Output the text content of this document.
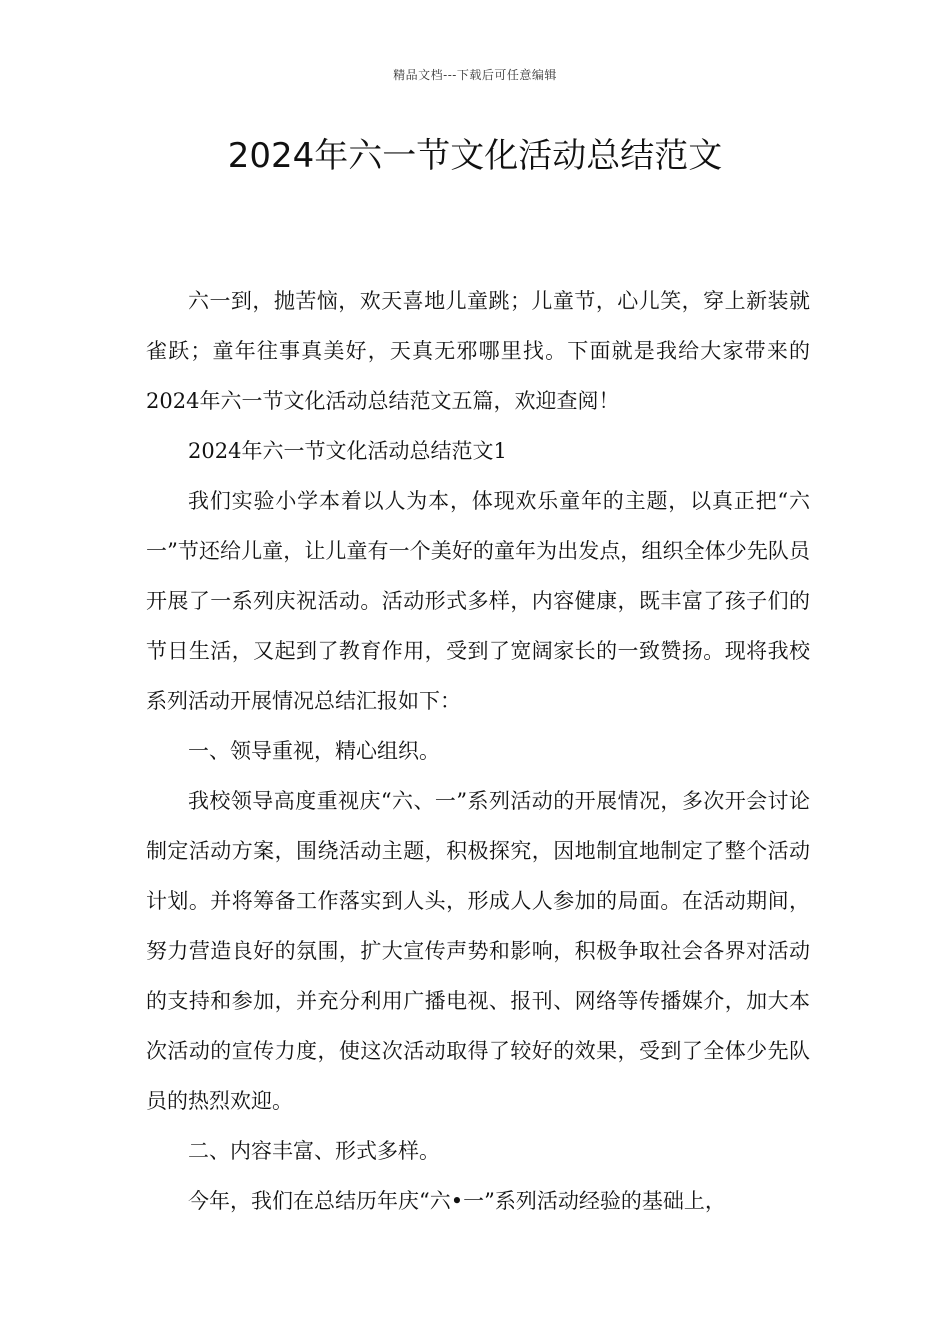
精品文档---下载后可任意编辑
2024年六一节文化活动总结范文

六一到，抛苦恼，欢天喜地儿童跳；儿童节，心儿笑，穿上新装就雀跃；童年往事真美好，天真无邪哪里找。下面就是我给大家带来的2024年六一节文化活动总结范文五篇，欢迎查阅！

2024年六一节文化活动总结范文1

我们实验小学本着以人为本，体现欢乐童年的主题，以真正把“六一”节还给儿童，让儿童有一个美好的童年为出发点，组织全体少先队员开展了一系列庆祝活动。活动形式多样，内容健康，既丰富了孩子们的节日生活，又起到了教育作用，受到了宽阔家长的一致赞扬。现将我校系列活动开展情况总结汇报如下：

一、领导重视，精心组织。

我校领导高度重视庆“六、一”系列活动的开展情况，多次开会讨论制定活动方案，围绕活动主题，积极探究，因地制宜地制定了整个活动计划。并将筹备工作落实到人头，形成人人参加的局面。在活动期间，努力营造良好的氛围，扩大宣传声势和影响，积极争取社会各界对活动的支持和参加，并充分利用广播电视、报刊、网络等传播媒介，加大本次活动的宣传力度，使这次活动取得了较好的效果，受到了全体少先队员的热烈欢迎。

二、内容丰富、形式多样。

今年，我们在总结历年庆“六•一”系列活动经验的基础上，
